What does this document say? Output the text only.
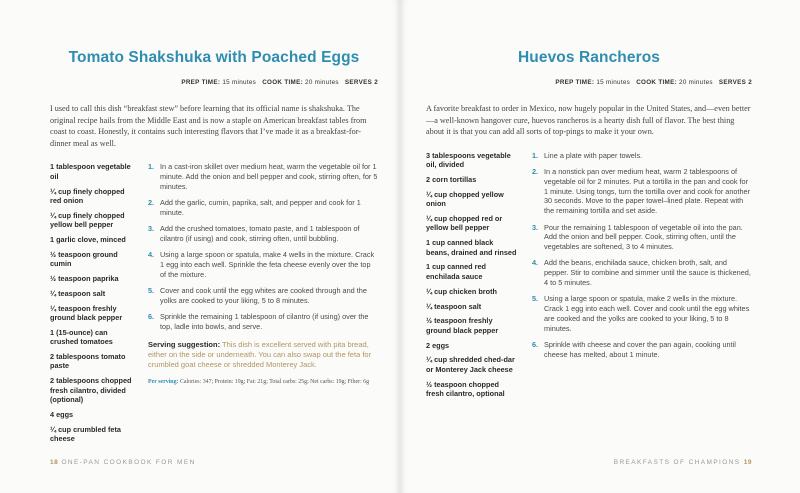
Tomato Shakshuka with Poached Eggs
PREP TIME: 15 minutes COOK TIME: 20 minutes SERVES 2

I used to call this dish “breakfast stew” before learning that its official name is shakshuka. The original recipe hails from the Middle East and is now a staple on American breakfast tables from coast to coast. Honestly, it contains such interesting flavors that I’ve made it as a breakfast-for-dinner meal as well.

1 tablespoon vegetable oil
¼ cup finely chopped red onion
¼ cup finely chopped yellow bell pepper
1 garlic clove, minced
½ teaspoon ground cumin
½ teaspoon paprika
¼ teaspoon salt
¼ teaspoon freshly ground black pepper
1 (15-ounce) can crushed tomatoes
2 tablespoons tomato paste
2 tablespoons chopped fresh cilantro, divided (optional)
4 eggs
¼ cup crumbled feta cheese
1. In a cast-iron skillet over medium heat, warm the vegetable oil for 1 minute. Add the onion and bell pepper and cook, stirring often, for 5 minutes.
2. Add the garlic, cumin, paprika, salt, and pepper and cook for 1 minute.
3. Add the crushed tomatoes, tomato paste, and 1 tablespoon of cilantro (if using) and cook, stirring often, until bubbling.
4. Using a large spoon or spatula, make 4 wells in the mixture. Crack 1 egg into each well. Sprinkle the feta cheese evenly over the top of the mixture.
5. Cover and cook until the egg whites are cooked through and the yolks are cooked to your liking, 5 to 8 minutes.
6. Sprinkle the remaining 1 tablespoon of cilantro (if using) over the top, ladle into bowls, and serve.
Serving suggestion: This dish is excellent served with pita bread, either on the side or underneath. You can also swap out the feta for crumbled goat cheese or shredded Monterey Jack.
Per serving: Calories: 347; Protein: 19g; Fat: 21g; Total carbs: 25g; Net carbs: 19g; Fiber: 6g
18 ONE-PAN COOKBOOK FOR MEN
Huevos Rancheros
PREP TIME: 15 minutes COOK TIME: 20 minutes SERVES 2

A favorite breakfast to order in Mexico, now hugely popular in the United States, and—even better—a well-known hangover cure, huevos rancheros is a hearty dish full of flavor. The best thing about it is that you can add all sorts of top-pings to make it your own.

3 tablespoons vegetable oil, divided
2 corn tortillas
¼ cup chopped yellow onion
¼ cup chopped red or yellow bell pepper
1 cup canned black beans, drained and rinsed
1 cup canned red enchilada sauce
¼ cup chicken broth
¼ teaspoon salt
½ teaspoon freshly ground black pepper
2 eggs
¼ cup shredded ched-dar or Monterey Jack cheese
½ teaspoon chopped fresh cilantro, optional
1. Line a plate with paper towels.
2. In a nonstick pan over medium heat, warm 2 tablespoons of vegetable oil for 2 minutes. Put a tortilla in the pan and cook for 1 minute. Using tongs, turn the tortilla over and cook for another 30 seconds. Move to the paper towel–lined plate. Repeat with the remaining tortilla and set aside.
3. Pour the remaining 1 tablespoon of vegetable oil into the pan. Add the onion and bell pepper. Cook, stirring often, until the vegetables are softened, 3 to 4 minutes.
4. Add the beans, enchilada sauce, chicken broth, salt, and pepper. Stir to combine and simmer until the sauce is thickened, 4 to 5 minutes.
5. Using a large spoon or spatula, make 2 wells in the mixture. Crack 1 egg into each well. Cover and cook until the egg whites are cooked and the yolks are cooked to your liking, 5 to 8 minutes.
6. Sprinkle with cheese and cover the pan again, cooking until cheese has melted, about 1 minute.
BREAKFASTS OF CHAMPIONS 19
